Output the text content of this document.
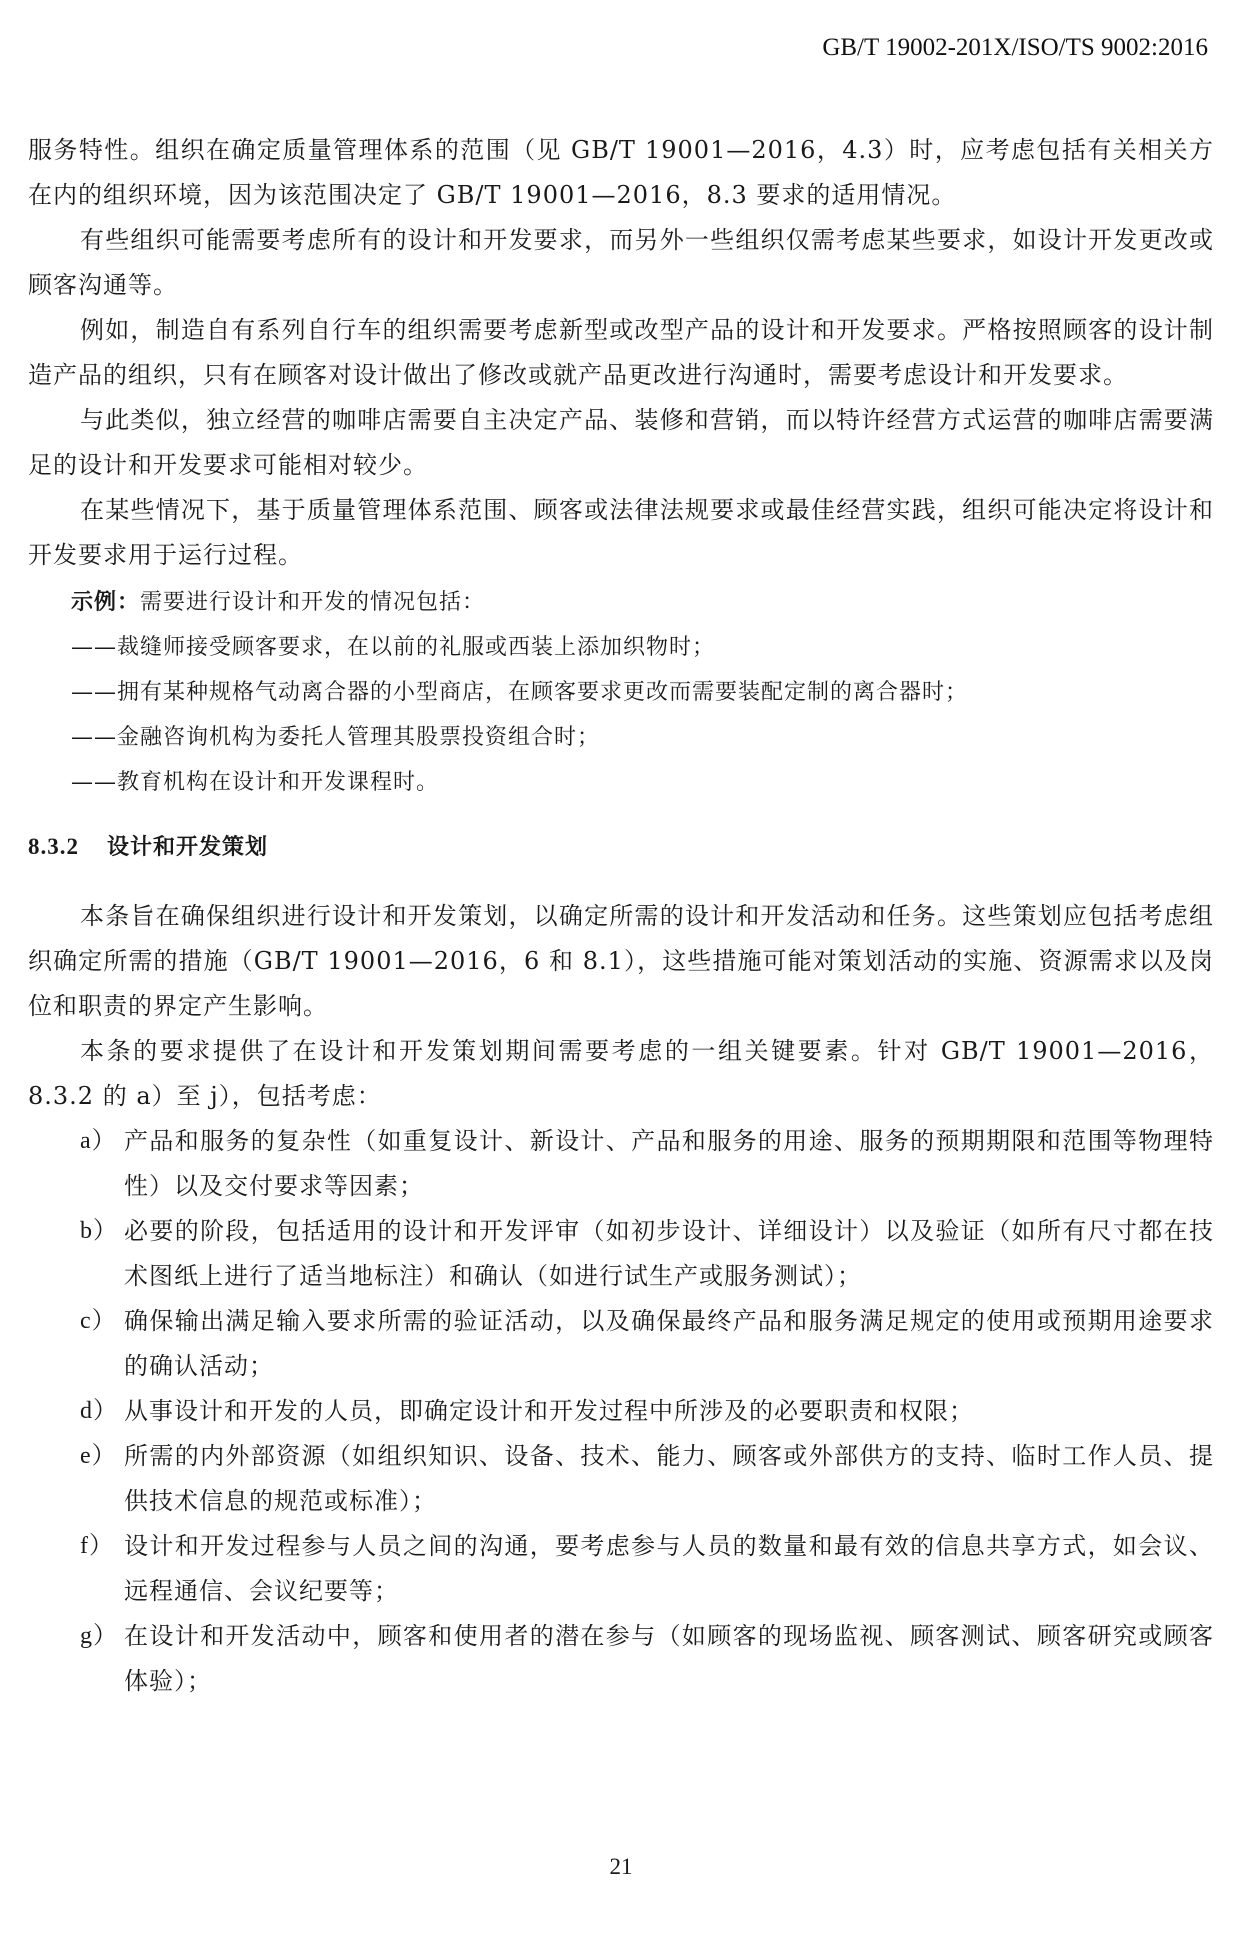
GB/T 19002-201X/ISO/TS 9002:2016

服务特性。组织在确定质量管理体系的范围（见 GB/T 19001—2016，4.3）时，应考虑包括有关相关方在内的组织环境，因为该范围决定了 GB/T 19001—2016，8.3 要求的适用情况。

有些组织可能需要考虑所有的设计和开发要求，而另外一些组织仅需考虑某些要求，如设计开发更改或顾客沟通等。

例如，制造自有系列自行车的组织需要考虑新型或改型产品的设计和开发要求。严格按照顾客的设计制造产品的组织，只有在顾客对设计做出了修改或就产品更改进行沟通时，需要考虑设计和开发要求。

与此类似，独立经营的咖啡店需要自主决定产品、装修和营销，而以特许经营方式运营的咖啡店需要满足的设计和开发要求可能相对较少。

在某些情况下，基于质量管理体系范围、顾客或法律法规要求或最佳经营实践，组织可能决定将设计和开发要求用于运行过程。

示例：需要进行设计和开发的情况包括：
——裁缝师接受顾客要求，在以前的礼服或西装上添加织物时；
——拥有某种规格气动离合器的小型商店，在顾客要求更改而需要装配定制的离合器时；
——金融咨询机构为委托人管理其股票投资组合时；
——教育机构在设计和开发课程时。
8.3.2 设计和开发策划

本条旨在确保组织进行设计和开发策划，以确定所需的设计和开发活动和任务。这些策划应包括考虑组织确定所需的措施（GB/T 19001—2016，6 和 8.1），这些措施可能对策划活动的实施、资源需求以及岗位和职责的界定产生影响。

本条的要求提供了在设计和开发策划期间需要考虑的一组关键要素。针对 GB/T 19001—2016，8.3.2 的 a）至 j），包括考虑：

a） 产品和服务的复杂性（如重复设计、新设计、产品和服务的用途、服务的预期期限和范围等物理特性）以及交付要求等因素；
b） 必要的阶段，包括适用的设计和开发评审（如初步设计、详细设计）以及验证（如所有尺寸都在技术图纸上进行了适当地标注）和确认（如进行试生产或服务测试）；
c） 确保输出满足输入要求所需的验证活动，以及确保最终产品和服务满足规定的使用或预期用途要求的确认活动；
d） 从事设计和开发的人员，即确定设计和开发过程中所涉及的必要职责和权限；
e） 所需的内外部资源（如组织知识、设备、技术、能力、顾客或外部供方的支持、临时工作人员、提供技术信息的规范或标准）；
f） 设计和开发过程参与人员之间的沟通，要考虑参与人员的数量和最有效的信息共享方式，如会议、远程通信、会议纪要等；
g） 在设计和开发活动中，顾客和使用者的潜在参与（如顾客的现场监视、顾客测试、顾客研究或顾客体验）；
21
